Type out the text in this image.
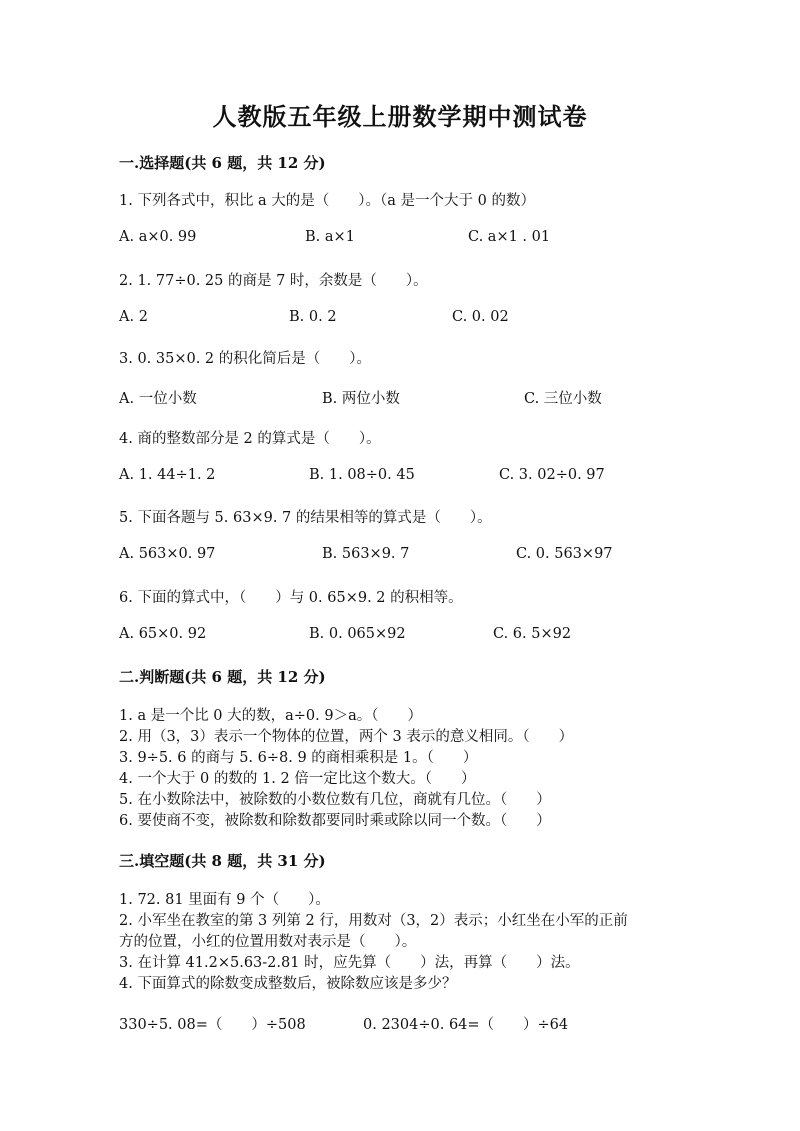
人教版五年级上册数学期中测试卷
一.选择题(共 6 题，共 12 分)
1. 下列各式中，积比 a 大的是（　　）。（a 是一个大于 0 的数）
A. a×0. 99	B. a×1	C. a×1 . 01
2. 1. 77÷0. 25 的商是 7 时，余数是（　　）。
A. 2	B. 0. 2	C. 0. 02
3. 0. 35×0. 2 的积化简后是（　　）。
A. 一位小数	B. 两位小数	C. 三位小数
4. 商的整数部分是 2 的算式是（　　）。
A. 1. 44÷1. 2	B. 1. 08÷0. 45	C. 3. 02÷0. 97
5. 下面各题与 5. 63×9. 7 的结果相等的算式是（　　）。
A. 563×0. 97	B. 563×9. 7	C. 0. 563×97
6. 下面的算式中，（　　）与 0. 65×9. 2 的积相等。
A. 65×0. 92	B. 0. 065×92	C. 6. 5×92
二.判断题(共 6 题，共 12 分)
1. a 是一个比 0 大的数，a÷0. 9＞a。（　　）
2. 用（3，3）表示一个物体的位置，两个 3 表示的意义相同。（　　）
3. 9÷5. 6 的商与 5. 6÷8. 9 的商相乘积是 1。（　　）
4. 一个大于 0 的数的 1. 2 倍一定比这个数大。（　　）
5. 在小数除法中，被除数的小数位数有几位，商就有几位。（　　）
6. 要使商不变，被除数和除数都要同时乘或除以同一个数。（　　）
三.填空题(共 8 题，共 31 分)
1. 72. 81 里面有 9 个（　　）。
2. 小军坐在教室的第 3 列第 2 行，用数对（3，2）表示；小红坐在小军的正前
方的位置，小红的位置用数对表示是（　　）。
3. 在计算 41.2×5.63-2.81 时，应先算（　　）法，再算（　　）法。
4. 下面算式的除数变成整数后，被除数应该是多少？
330÷5. 08=（　　）÷508	0. 2304÷0. 64=（　　）÷64
